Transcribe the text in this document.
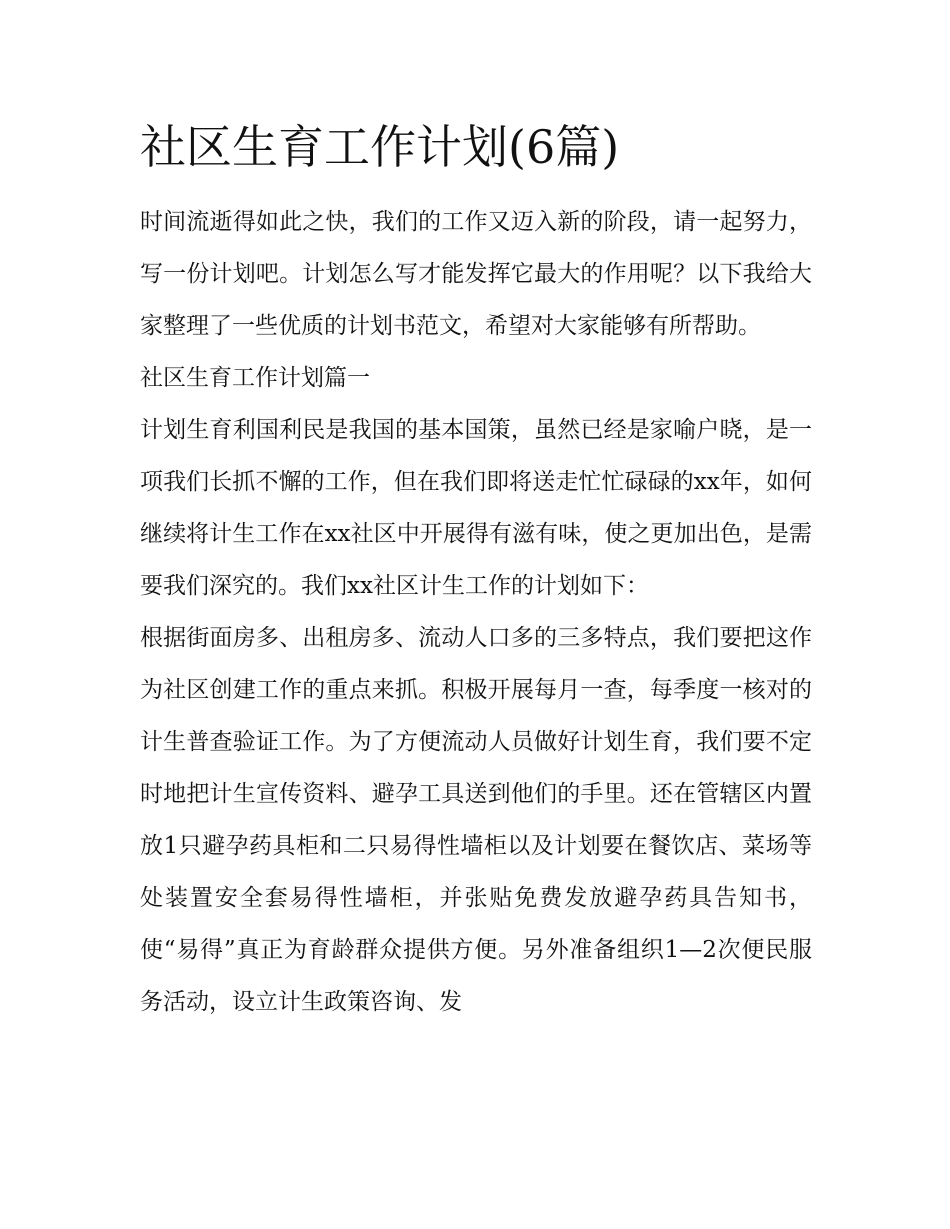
社区生育工作计划(6篇)

时间流逝得如此之快，我们的工作又迈入新的阶段，请一起努力，写一份计划吧。计划怎么写才能发挥它最大的作用呢？以下我给大家整理了一些优质的计划书范文，希望对大家能够有所帮助。

社区生育工作计划篇一

计划生育利国利民是我国的基本国策，虽然已经是家喻户晓，是一项我们长抓不懈的工作，但在我们即将送走忙忙碌碌的xx年，如何继续将计生工作在xx社区中开展得有滋有味，使之更加出色，是需要我们深究的。我们xx社区计生工作的计划如下：

根据街面房多、出租房多、流动人口多的三多特点，我们要把这作为社区创建工作的重点来抓。积极开展每月一查，每季度一核对的计生普查验证工作。为了方便流动人员做好计划生育，我们要不定时地把计生宣传资料、避孕工具送到他们的手里。还在管辖区内置放1只避孕药具柜和二只易得性墙柜以及计划要在餐饮店、菜场等处装置安全套易得性墙柜，并张贴免费发放避孕药具告知书，使“易得”真正为育龄群众提供方便。另外准备组织1—2次便民服务活动，设立计生政策咨询、发
